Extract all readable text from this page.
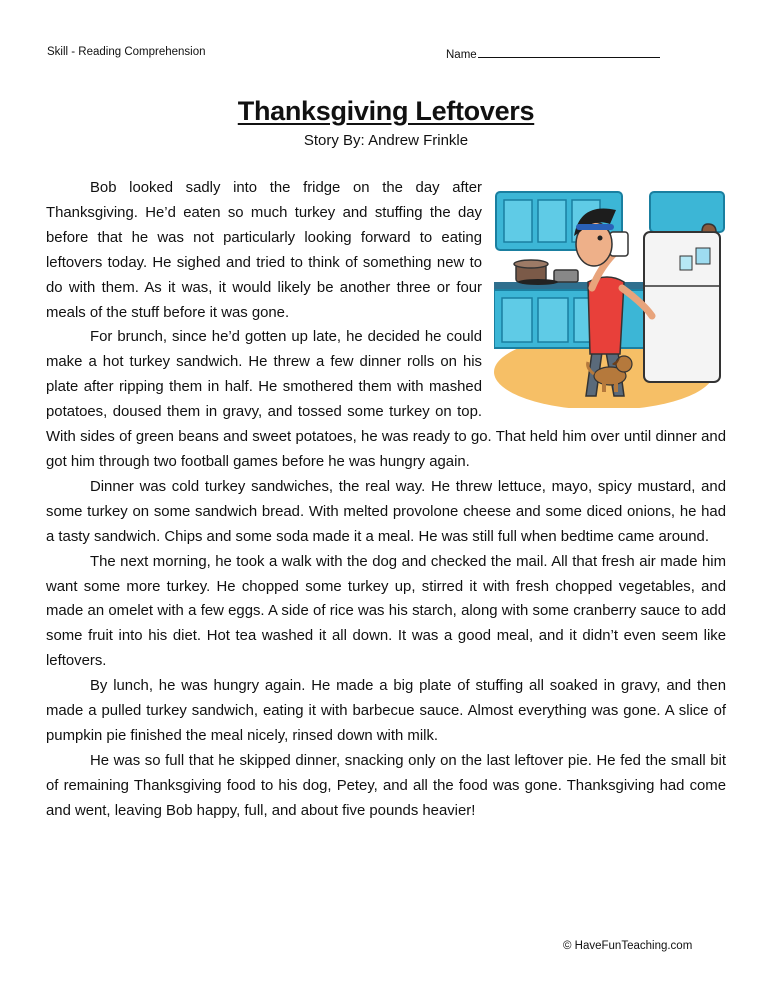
Skill - Reading Comprehension	Name
Thanksgiving Leftovers
Story By: Andrew Frinkle

Bob looked sadly into the fridge on the day after Thanksgiving. He’d eaten so much turkey and stuffing the day before that he was not particularly looking forward to eating leftovers today. He sighed and tried to think of something new to do with them. As it was, it would likely be another three or four meals of the stuff before it was gone.

For brunch, since he’d gotten up late, he decided he could make a hot turkey sandwich. He threw a few dinner rolls on his plate after ripping them in half. He smothered them with mashed potatoes, doused them in gravy, and tossed some turkey on top. With sides of green beans and sweet potatoes, he was ready to go. That held him over until dinner and got him through two football games before he was hungry again.

Dinner was cold turkey sandwiches, the real way. He threw lettuce, mayo, spicy mustard, and some turkey on some sandwich bread. With melted provolone cheese and some diced onions, he had a tasty sandwich. Chips and some soda made it a meal. He was still full when bedtime came around.

The next morning, he took a walk with the dog and checked the mail. All that fresh air made him want some more turkey. He chopped some turkey up, stirred it with fresh chopped vegetables, and made an omelet with a few eggs. A side of rice was his starch, along with some cranberry sauce to add some fruit into his diet. Hot tea washed it all down. It was a good meal, and it didn’t even seem like leftovers.

By lunch, he was hungry again. He made a big plate of stuffing all soaked in gravy, and then made a pulled turkey sandwich, eating it with barbecue sauce. Almost everything was gone. A slice of pumpkin pie finished the meal nicely, rinsed down with milk.

He was so full that he skipped dinner, snacking only on the last leftover pie. He fed the small bit of remaining Thanksgiving food to his dog, Petey, and all the food was gone. Thanksgiving had come and went, leaving Bob happy, full, and about five pounds heavier!

© HaveFunTeaching.com
